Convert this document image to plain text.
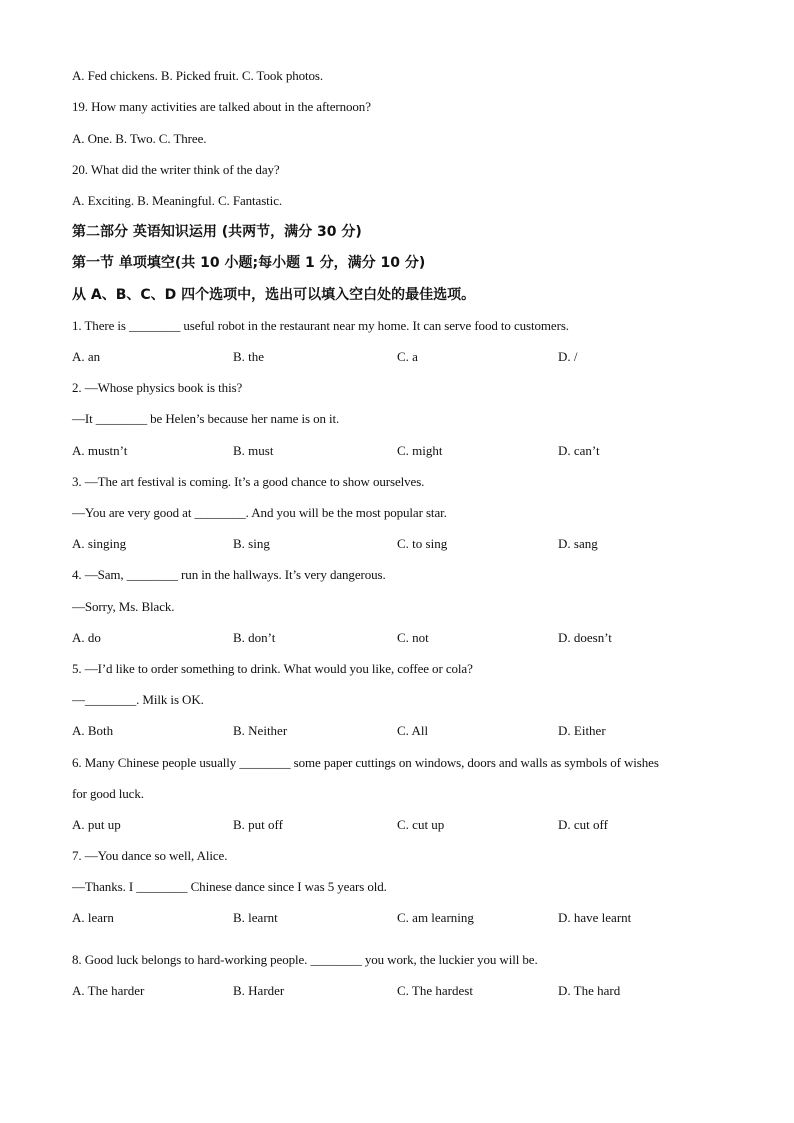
A. Fed chickens. B. Picked fruit. C. Took photos.
19. How many activities are talked about in the afternoon?
A. One. B. Two. C. Three.
20. What did the writer think of the day?
A. Exciting. B. Meaningful. C. Fantastic.
第二部分 英语知识运用 (共两节，满分 30 分)
第一节 单项填空(共 10 小题;每小题 1 分，满分 10 分)
从 A、B、C、D 四个选项中，选出可以填入空白处的最佳选项。
1. There is ________ useful robot in the restaurant near my home. It can serve food to customers.
A. an	B. the	C. a	D. /
2. —Whose physics book is this?
—It ________ be Helen’s because her name is on it.
A. mustn’t	B. must	C. might	D. can’t
3. —The art festival is coming. It’s a good chance to show ourselves.
—You are very good at ________. And you will be the most popular star.
A. singing	B. sing	C. to sing	D. sang
4. —Sam, ________ run in the hallways. It’s very dangerous.
—Sorry, Ms. Black.
A. do	B. don’t	C. not	D. doesn’t
5. —I’d like to order something to drink. What would you like, coffee or cola?
—________. Milk is OK.
A. Both	B. Neither	C. All	D. Either
6. Many Chinese people usually ________ some paper cuttings on windows, doors and walls as symbols of wishes
for good luck.
A. put up	B. put off	C. cut up	D. cut off
7. —You dance so well, Alice.
—Thanks. I ________ Chinese dance since I was 5 years old.
A. learn	B. learnt	C. am learning	D. have learnt
8. Good luck belongs to hard-working people. ________ you work, the luckier you will be.
A. The harder	B. Harder	C. The hardest	D. The hard
